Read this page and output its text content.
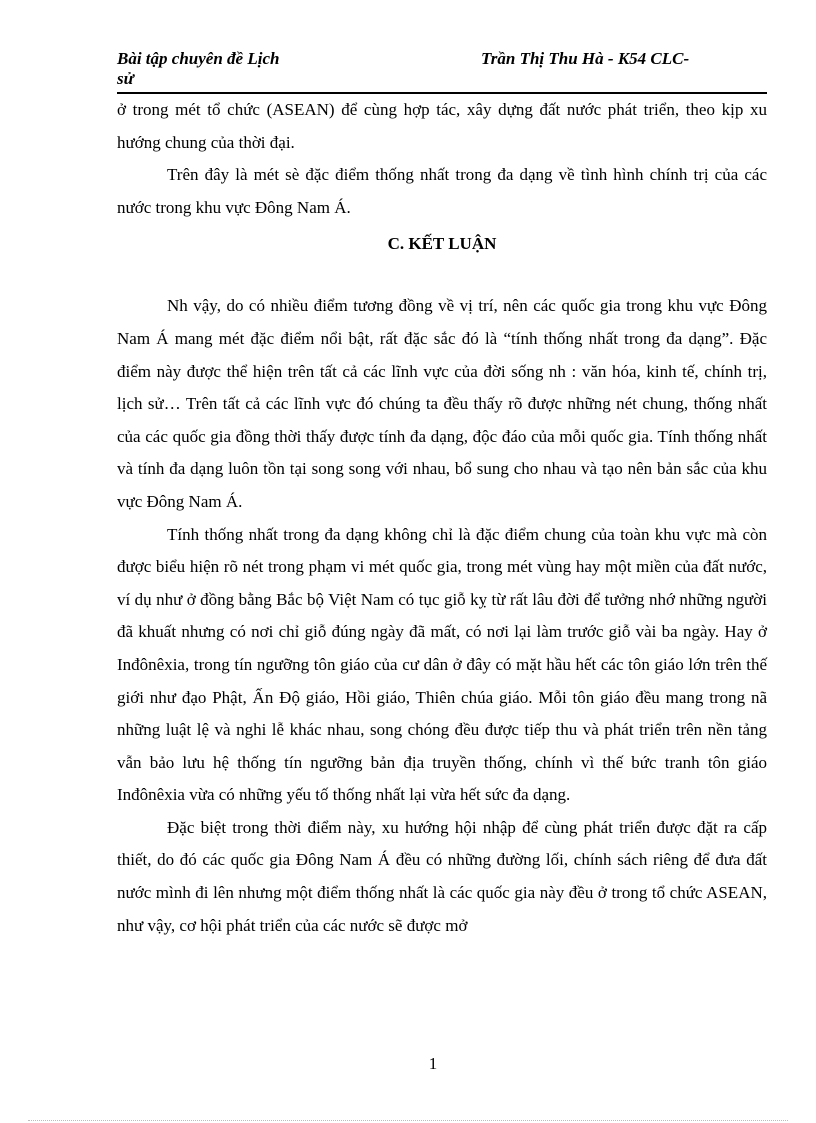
Bài tập chuyên đề Lịch sử
Trần Thị Thu Hà - K54 CLC-

ở trong mét tổ chức (ASEAN) để cùng hợp tác, xây dựng đất nước phát triển, theo kịp xu hướng chung của thời đại.

Trên đây là mét sè đặc điểm thống nhất trong đa dạng về tình hình chính trị của các nước trong khu vực Đông Nam Á.

C. KẾT LUẬN

Nh vậy, do có nhiều điểm tương đồng về vị trí, nên các quốc gia trong khu vực Đông Nam Á mang mét đặc điểm nổi bật, rất đặc sắc đó là “tính thống nhất trong đa dạng”. Đặc điểm này được thể hiện trên tất cả các lĩnh vực của đời sống nh : văn hóa, kinh tế, chính trị, lịch sử… Trên tất cả các lĩnh vực đó chúng ta đều thấy rõ được những nét chung, thống nhất của các quốc gia đồng thời thấy được tính đa dạng, độc đáo của mỗi quốc gia. Tính thống nhất và tính đa dạng luôn tồn tại song song với nhau, bổ sung cho nhau và tạo nên bản sắc của khu vực Đông Nam Á.

Tính thống nhất trong đa dạng không chỉ là đặc điểm chung của toàn khu vực mà còn được biểu hiện rõ nét trong phạm vi mét quốc gia, trong mét vùng hay một miền của đất nước, ví dụ như ở đồng bằng Bắc bộ Việt Nam có tục giỗ kỵ từ rất lâu đời để tưởng nhớ những người đã khuất nhưng có nơi chỉ giỗ đúng ngày đã mất, có nơi lại làm trước giỗ vài ba ngày. Hay ở Inđônêxia, trong tín ngưỡng tôn giáo của cư dân ở đây có mặt hầu hết các tôn giáo lớn trên thế giới như đạo Phật, Ấn Độ giáo, Hồi giáo, Thiên chúa giáo. Mỗi tôn giáo đều mang trong nã những luật lệ và nghi lễ khác nhau, song chóng đều được tiếp thu và phát triển trên nền tảng vẫn bảo lưu hệ thống tín ngưỡng bản địa truyền thống, chính vì thế bức tranh tôn giáo Inđônêxia vừa có những yếu tố thống nhất lại vừa hết sức đa dạng.

Đặc biệt trong thời điểm này, xu hướng hội nhập để cùng phát triển được đặt ra cấp thiết, do đó các quốc gia Đông Nam Á đều có những đường lối, chính sách riêng để đưa đất nước mình đi lên nhưng một điểm thống nhất là các quốc gia này đều ở trong tổ chức ASEAN, như vậy, cơ hội phát triển của các nước sẽ được mở

1
